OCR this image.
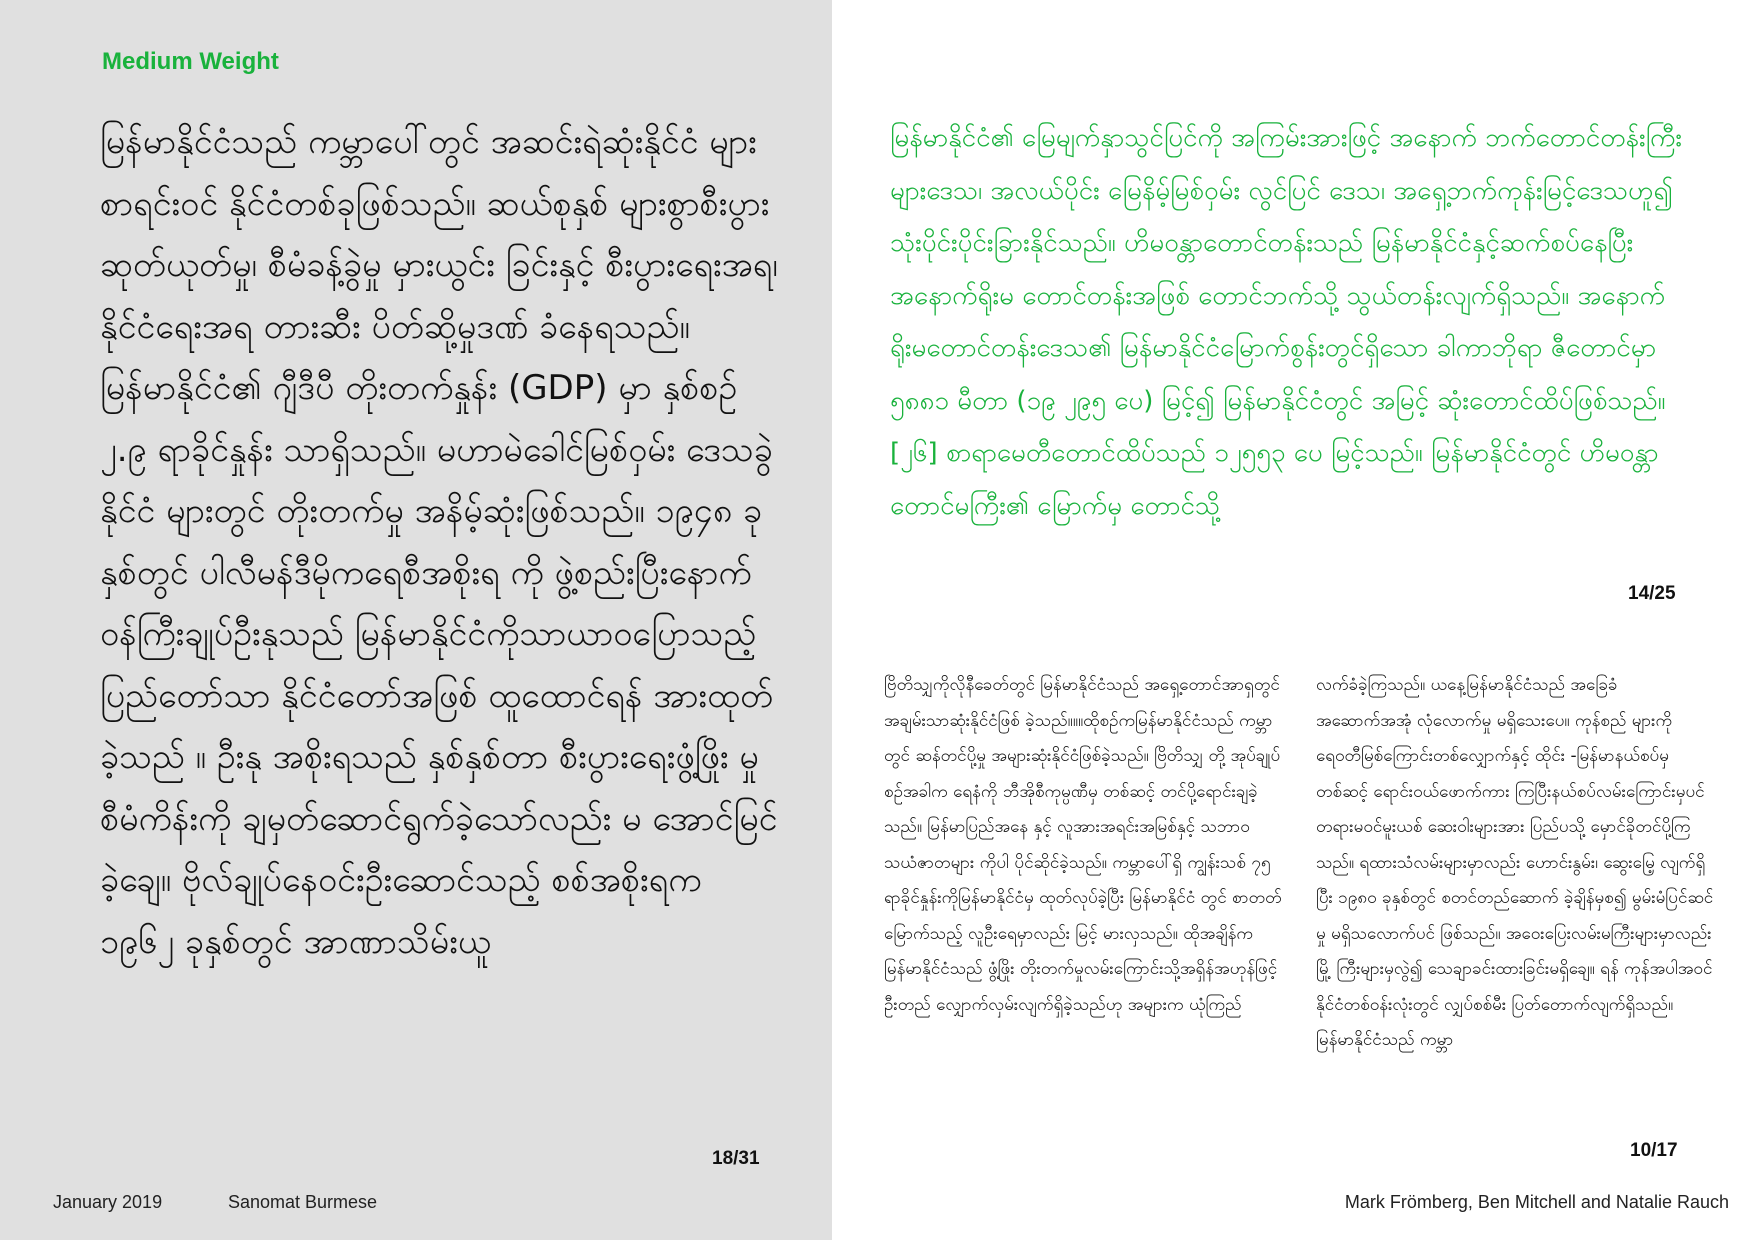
Medium Weight

မြန်မာနိုင်ငံသည် ကမ္ဘာပေါ်တွင် အဆင်းရဲဆုံးနိုင်ငံ များစာရင်းဝင် နိုင်ငံတစ်ခုဖြစ်သည်။ ဆယ်စုနှစ် များစွာစီးပွားဆုတ်ယုတ်မှု၊ စီမံခန့်ခွဲမှု မှားယွင်း ခြင်းနှင့် စီးပွားရေးအရ၊ နိုင်ငံရေးအရ တားဆီး ပိတ်ဆို့မှုဒဏ် ခံနေရသည်။ မြန်မာနိုင်ငံ၏ ဂျီဒီပီ တိုးတက်နှုန်း (GDP) မှာ နှစ်စဉ် ၂.၉ ရာခိုင်နှုန်း သာရှိသည်။ မဟာမဲခေါင်မြစ်ဝှမ်း ဒေသခွဲနိုင်ငံ များတွင် တိုးတက်မှု အနိမ့်ဆုံးဖြစ်သည်။ ၁၉၄၈ ခုနှစ်တွင် ပါလီမန်ဒီမိုကရေစီအစိုးရ ကို ဖွဲ့စည်းပြီးနောက်ဝန်ကြီးချုပ်ဦးနုသည် မြန်မာနိုင်ငံကိုသာယာဝပြောသည့်ပြည်တော်သာ နိုင်ငံတော်အဖြစ် ထူထောင်ရန် အားထုတ်ခဲ့သည် ။ ဦးနု အစိုးရသည် နှစ်နှစ်တာ စီးပွားရေးဖွံ့ဖြိုး မှုစီမံကိန်းကို ချမှတ်ဆောင်ရွက်ခဲ့သော်လည်း မ အောင်မြင်ခဲ့ချေ။ ဗိုလ်ချုပ်နေဝင်းဦးဆောင်သည့် စစ်အစိုးရက ၁၉၆၂ ခုနှစ်တွင် အာဏာသိမ်းယူ

18/31

မြန်မာနိုင်ငံ၏ မြေမျက်နှာသွင်ပြင်ကို အကြမ်းအားဖြင့် အနောက် ဘက်တောင်တန်းကြီးများဒေသ၊ အလယ်ပိုင်း မြေနိမ့်မြစ်ဝှမ်း လွင်ပြင် ဒေသ၊ အရှေ့ဘက်ကုန်းမြင့်ဒေသဟူ၍ သုံးပိုင်းပိုင်းခြားနိုင်သည်။ ဟိမဝန္တာတောင်တန်းသည် မြန်မာနိုင်ငံနှင့်ဆက်စပ်နေပြီး အနောက်ရိုးမ တောင်တန်းအဖြစ် တောင်ဘက်သို့ သွယ်တန်းလျက်ရှိသည်။ အနောက် ရိုးမတောင်တန်းဒေသ၏ မြန်မာနိုင်ငံမြောက်စွန်းတွင်ရှိသော ခါကာဘိုရာ ဇီတောင်မှာ ၅၈၈၁ မီတာ (၁၉ ၂၉၅ ပေ) မြင့်၍ မြန်မာနိုင်ငံတွင် အမြင့် ဆုံးတောင်ထိပ်ဖြစ်သည်။[၂၆] စာရာမေတီတောင်ထိပ်သည် ၁၂၅၅၃ ပေ မြင့်သည်။ မြန်မာနိုင်ငံတွင် ဟိမဝန္တာတောင်မကြီး၏ မြောက်မှ တောင်သို့

14/25

ဗြိတိသျှကိုလိုနီခေတ်တွင် မြန်မာနိုင်ငံသည် အရှေ့တောင်အာရှတွင် အချမ်းသာဆုံးနိုင်ငံဖြစ် ခဲ့သည်။။။ထိုစဉ်ကမြန်မာနိုင်ငံသည် ကမ္ဘာတွင် ဆန်တင်ပို့မှု အများဆုံးနိုင်ငံဖြစ်ခဲ့သည်။ ဗြိတိသျှ တို့ အုပ်ချုပ်စဉ်အခါက ရေနံကို ဘီအိုစီကုမ္ပဏီမှ တစ်ဆင့် တင်ပို့ရောင်းချခဲ့သည်။ မြန်မာပြည်အနေ နှင့် လူအားအရင်းအမြစ်နှင့် သဘာဝသယံဇာတများ ကိုပါ ပိုင်ဆိုင်ခဲ့သည်။ ကမ္ဘာပေါ်ရှိ ကျွန်းသစ် ၇၅ ရာခိုင်နှုန်းကိုမြန်မာနိုင်ငံမှ ထုတ်လုပ်ခဲ့ပြီး မြန်မာနိုင်ငံ တွင် စာတတ်မြောက်သည့် လူဦးရေမှာလည်း မြင့် မားလှသည်။ ထိုအချိန်က မြန်မာနိုင်ငံသည် ဖွံ့ဖြိုး တိုးတက်မှုလမ်းကြောင်းသို့အရှိန်အဟုန်ဖြင့်ဦးတည် လျှောက်လှမ်းလျက်ရှိခဲ့သည်ဟု အများက ယုံကြည်

လက်ခံခဲ့ကြသည်။ ယနေ့မြန်မာနိုင်ငံသည် အခြေခံ အဆောက်အအုံ လုံလောက်မှု မရှိသေးပေ။ ကုန်စည် များကို ရေဝတီမြစ်ကြောင်းတစ်လျှောက်နှင့် ထိုင်း -မြန်မာနယ်စပ်မှတစ်ဆင့် ရောင်းဝယ်ဖောက်ကား ကြပြီးနယ်စပ်လမ်းကြောင်းမှပင် တရားမဝင်မူးယစ် ဆေးဝါးများအား ပြည်ပသို့ မှောင်ခိုတင်ပို့ကြသည်။ ရထားသံလမ်းများမှာလည်း ဟောင်းနွမ်း၊ ဆွေးမြေ့ လျက်ရှိပြီး ၁၉၈၀ ခုနှစ်တွင် စတင်တည်ဆောက် ခဲ့ချိန်မှစ၍ မွမ်းမံပြင်ဆင်မှု မရှိသလောက်ပင် ဖြစ်သည်။ အဝေးပြေးလမ်းမကြီးများမှာလည်း မြို့ ကြီးများမှလွဲ၍ သေချာခင်းထားခြင်းမရှိချေ။ ရန် ကုန်အပါအဝင် နိုင်ငံတစ်ဝန်းလုံးတွင် လျှပ်စစ်မီး ပြတ်တောက်လျက်ရှိသည်။မြန်မာနိုင်ငံသည် ကမ္ဘာ

10/17

January 2019	Sanomat Burmese	Mark Frömberg, Ben Mitchell and Natalie Rauch
